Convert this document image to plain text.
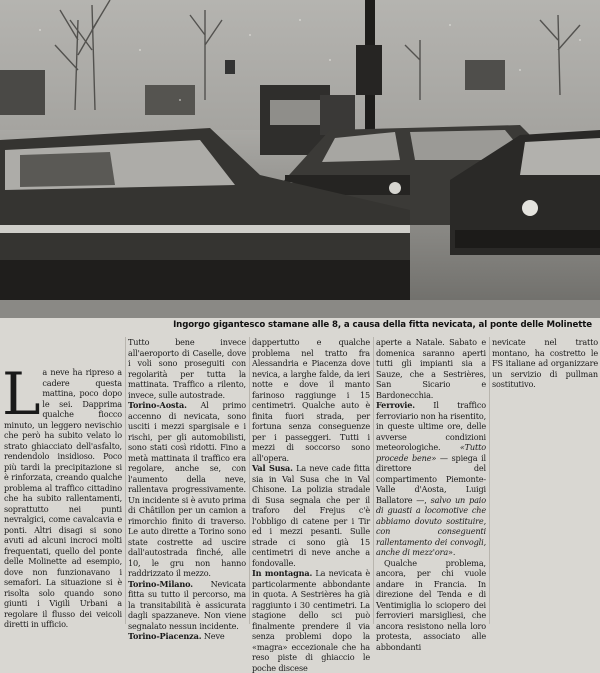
Ingorgo gigantesco stamane alle 8, a causa della fitta nevicata, al ponte delle Molinette

La neve ha ripreso a cadere questa mattina, poco dopo le sei. Dapprima qualche fiocco minuto, un leggero nevischio che però ha subito velato lo strato ghiacciato dell'asfalto, rendendolo insidioso. Poco più tardi la precipitazione si è rinforzata, creando qualche problema al traffico cittadino che ha subito rallentamenti, soprattutto nei punti nevralgici, come cavalcavia e ponti. Altri disagi si sono avuti ad alcuni incroci molti frequentati, quello del ponte delle Molinette ad esempio, dove non funzionavano i semafori. La situazione si è risolta solo quando sono giunti i Vigili Urbani a regolare il flusso dei veicoli diretti in ufficio.

Tutto bene invece all'aeroporto di Caselle, dove i voli sono proseguiti con regolarità per tutta la mattinata. Traffico a rilento, invece, sulle autostrade.

Torino-Aosta. Al primo accenno di nevicata, sono usciti i mezzi spargisale e i rischi, per gli automobilisti, sono stati così ridotti. Fino a metà mattinata il traffico era regolare, anche se, con l'aumento della neve, rallentava progressivamente. Un incidente si è avuto prima di Châtillon per un camion a rimorchio finito di traverso. Le auto dirette a Torino sono state costrette ad uscire dall'autostrada finché, alle 10, le gru non hanno raddrizzato il mezzo.

Torino-Milano. Nevicata fitta su tutto il percorso, ma la transitabilità è assicurata dagli spazzaneve. Non viene segnalato nessun incidente.

Torino-Piacenza. Neve

dappertutto e qualche problema nel tratto fra Alessandria e Piacenza dove nevica, a larghe falde, da ieri notte e dove il manto farinoso raggiunge i 15 centimetri. Qualche auto è finita fuori strada, per fortuna senza conseguenze per i passeggeri. Tutti i mezzi di soccorso sono all'opera.

Val Susa. La neve cade fitta sia in Val Susa che in Val Chisone. La polizia stradale di Susa segnala che per il traforo del Frejus c'è l'obbligo di catene per i Tir ed i mezzi pesanti. Sulle strade ci sono già 15 centimetri di neve anche a fondovalle.

In montagna. La nevicata è particolarmente abbondante in quota. A Sestrières ha già raggiunto i 30 centimetri. La stagione dello sci può finalmente prendere il via senza problemi dopo la «magra» eccezionale che ha reso piste di ghiaccio le poche discese

aperte a Natale. Sabato e domenica saranno aperti tutti gli impianti sia a Sauze, che a Sestrières, San Sicario e Bardonecchia.

Ferrovie. Il traffico ferroviario non ha risentito, in queste ultime ore, delle avverse condizioni meteorologiche. «Tutto procede bene» — spiega il direttore del compartimento Piemonte-Valle d'Aosta, Luigi Ballatore —, salvo un paio di guasti a locomotive che abbiamo dovuto sostituire, con conseguenti rallentamento dei convogli, anche di mezz'ora».

Qualche problema, ancora, per chi vuole andare in Francia. In direzione del Tenda e di Ventimiglia lo sciopero dei ferrovieri marsigliesi, che ancora resistono nella loro protesta, associato alle abbondanti

nevicate nel tratto montano, ha costretto le FS italiane ad organizzare un servizio di pullman sostitutivo.
